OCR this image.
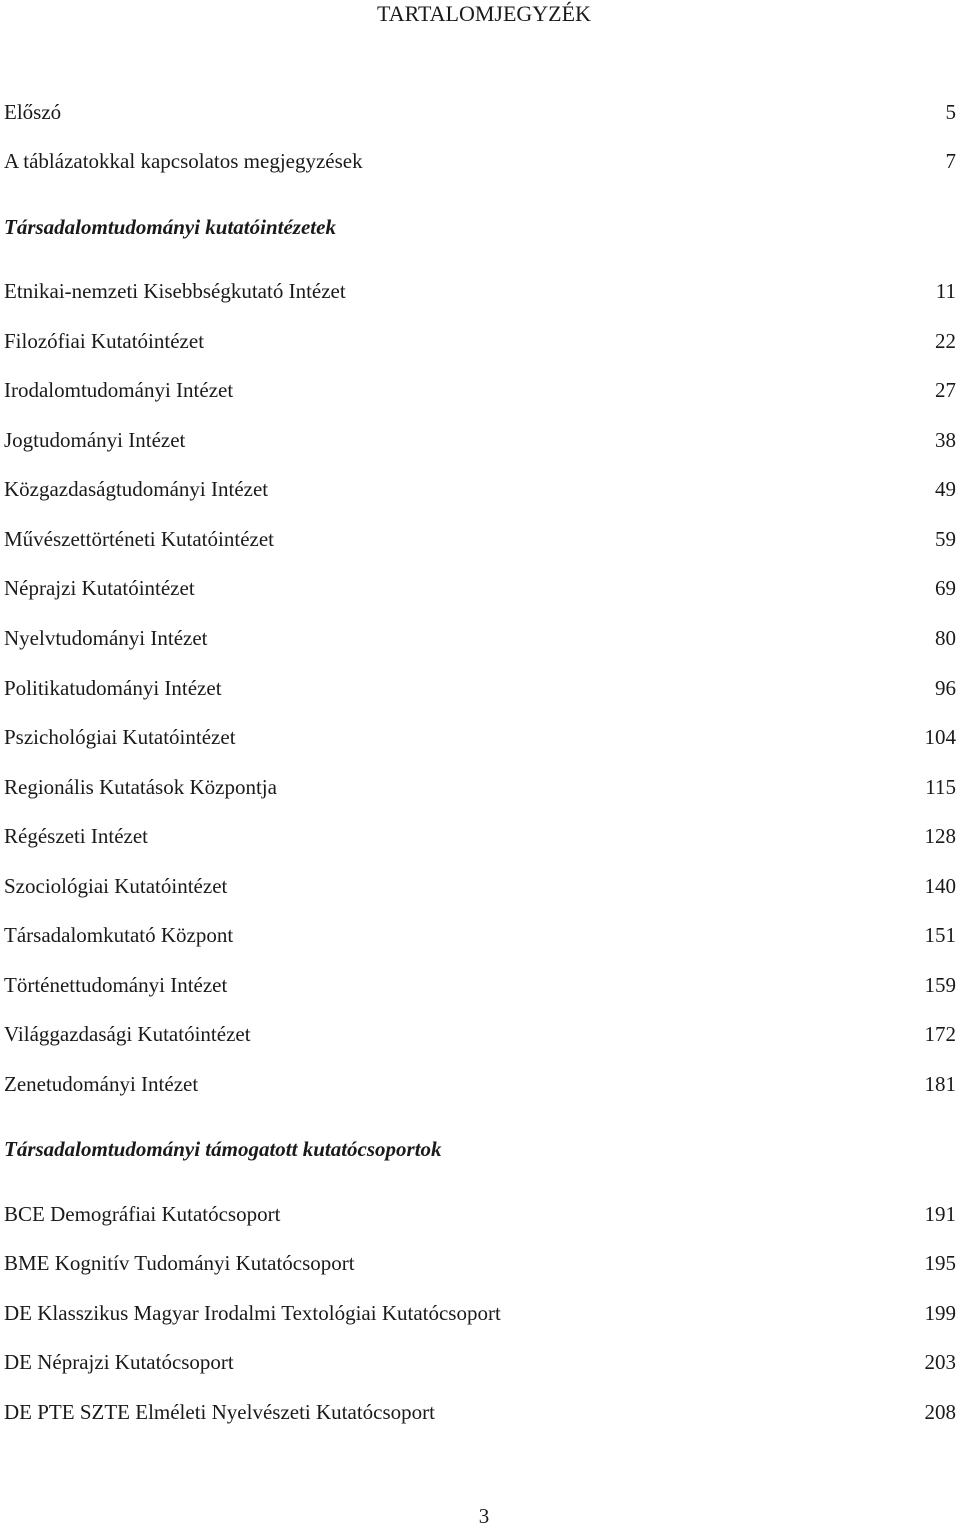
TARTALOMJEGYZÉK
Előszó	5
A táblázatokkal kapcsolatos megjegyzések	7
Társadalomtudományi kutatóintézetek
Etnikai-nemzeti Kisebbségkutató Intézet	11
Filozófiai Kutatóintézet	22
Irodalomtudományi Intézet	27
Jogtudományi Intézet	38
Közgazdaságtudományi Intézet	49
Művészettörténeti Kutatóintézet	59
Néprajzi Kutatóintézet	69
Nyelvtudományi Intézet	80
Politikatudományi Intézet	96
Pszichológiai Kutatóintézet	104
Regionális Kutatások Központja	115
Régészeti Intézet	128
Szociológiai Kutatóintézet	140
Társadalomkutató Központ	151
Történettudományi Intézet	159
Világgazdasági Kutatóintézet	172
Zenetudományi Intézet	181
Társadalomtudományi támogatott kutatócsoportok
BCE Demográfiai Kutatócsoport	191
BME Kognitív Tudományi Kutatócsoport	195
DE Klasszikus Magyar Irodalmi Textológiai Kutatócsoport	199
DE Néprajzi Kutatócsoport	203
DE PTE SZTE Elméleti Nyelvészeti Kutatócsoport	208
3
